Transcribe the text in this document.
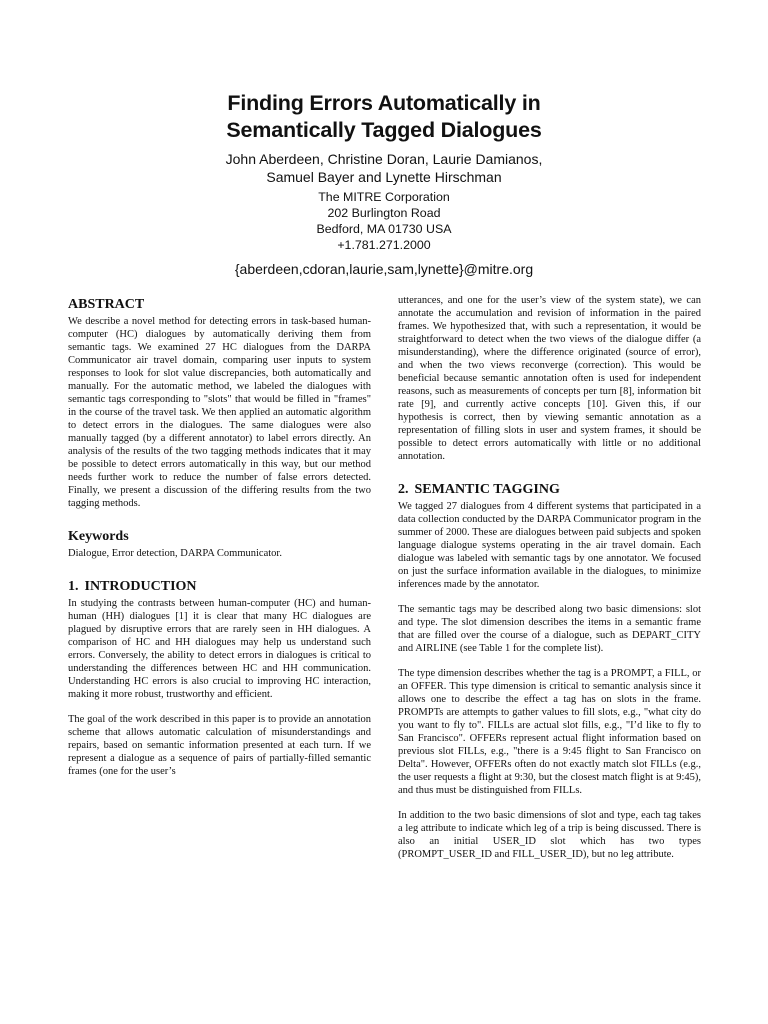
Finding Errors Automatically in
Semantically Tagged Dialogues
John Aberdeen, Christine Doran, Laurie Damianos,
Samuel Bayer and Lynette Hirschman
The MITRE Corporation
202 Burlington Road
Bedford, MA 01730 USA
+1.781.271.2000
{aberdeen,cdoran,laurie,sam,lynette}@mitre.org
ABSTRACT

We describe a novel method for detecting errors in task-based human-computer (HC) dialogues by automatically deriving them from semantic tags. We examined 27 HC dialogues from the DARPA Communicator air travel domain, comparing user inputs to system responses to look for slot value discrepancies, both automatically and manually. For the automatic method, we labeled the dialogues with semantic tags corresponding to "slots" that would be filled in "frames" in the course of the travel task. We then applied an automatic algorithm to detect errors in the dialogues. The same dialogues were also manually tagged (by a different annotator) to label errors directly. An analysis of the results of the two tagging methods indicates that it may be possible to detect errors automatically in this way, but our method needs further work to reduce the number of false errors detected. Finally, we present a discussion of the differing results from the two tagging methods.

Keywords

Dialogue, Error detection, DARPA Communicator.

1. INTRODUCTION

In studying the contrasts between human-computer (HC) and human-human (HH) dialogues [1] it is clear that many HC dialogues are plagued by disruptive errors that are rarely seen in HH dialogues. A comparison of HC and HH dialogues may help us understand such errors. Conversely, the ability to detect errors in dialogues is critical to understanding the differences between HC and HH communication. Understanding HC errors is also crucial to improving HC interaction, making it more robust, trustworthy and efficient.

The goal of the work described in this paper is to provide an annotation scheme that allows automatic calculation of misunderstandings and repairs, based on semantic information presented at each turn. If we represent a dialogue as a sequence of pairs of partially-filled semantic frames (one for the user’s

utterances, and one for the user’s view of the system state), we can annotate the accumulation and revision of information in the paired frames. We hypothesized that, with such a representation, it would be straightforward to detect when the two views of the dialogue differ (a misunderstanding), where the difference originated (source of error), and when the two views reconverge (correction). This would be beneficial because semantic annotation often is used for independent reasons, such as measurements of concepts per turn [8], information bit rate [9], and currently active concepts [10]. Given this, if our hypothesis is correct, then by viewing semantic annotation as a representation of filling slots in user and system frames, it should be possible to detect errors automatically with little or no additional annotation.

2. SEMANTIC TAGGING

We tagged 27 dialogues from 4 different systems that participated in a data collection conducted by the DARPA Communicator program in the summer of 2000. These are dialogues between paid subjects and spoken language dialogue systems operating in the air travel domain. Each dialogue was labeled with semantic tags by one annotator. We focused on just the surface information available in the dialogues, to minimize inferences made by the annotator.

The semantic tags may be described along two basic dimensions: slot and type. The slot dimension describes the items in a semantic frame that are filled over the course of a dialogue, such as DEPART_CITY and AIRLINE (see Table 1 for the complete list).

The type dimension describes whether the tag is a PROMPT, a FILL, or an OFFER. This type dimension is critical to semantic analysis since it allows one to describe the effect a tag has on slots in the frame. PROMPTs are attempts to gather values to fill slots, e.g., "what city do you want to fly to". FILLs are actual slot fills, e.g., "I’d like to fly to San Francisco". OFFERs represent actual flight information based on previous slot FILLs, e.g., "there is a 9:45 flight to San Francisco on Delta". However, OFFERs often do not exactly match slot FILLs (e.g., the user requests a flight at 9:30, but the closest match flight is at 9:45), and thus must be distinguished from FILLs.

In addition to the two basic dimensions of slot and type, each tag takes a leg attribute to indicate which leg of a trip is being discussed. There is also an initial USER_ID slot which has two types (PROMPT_USER_ID and FILL_USER_ID), but no leg attribute.
